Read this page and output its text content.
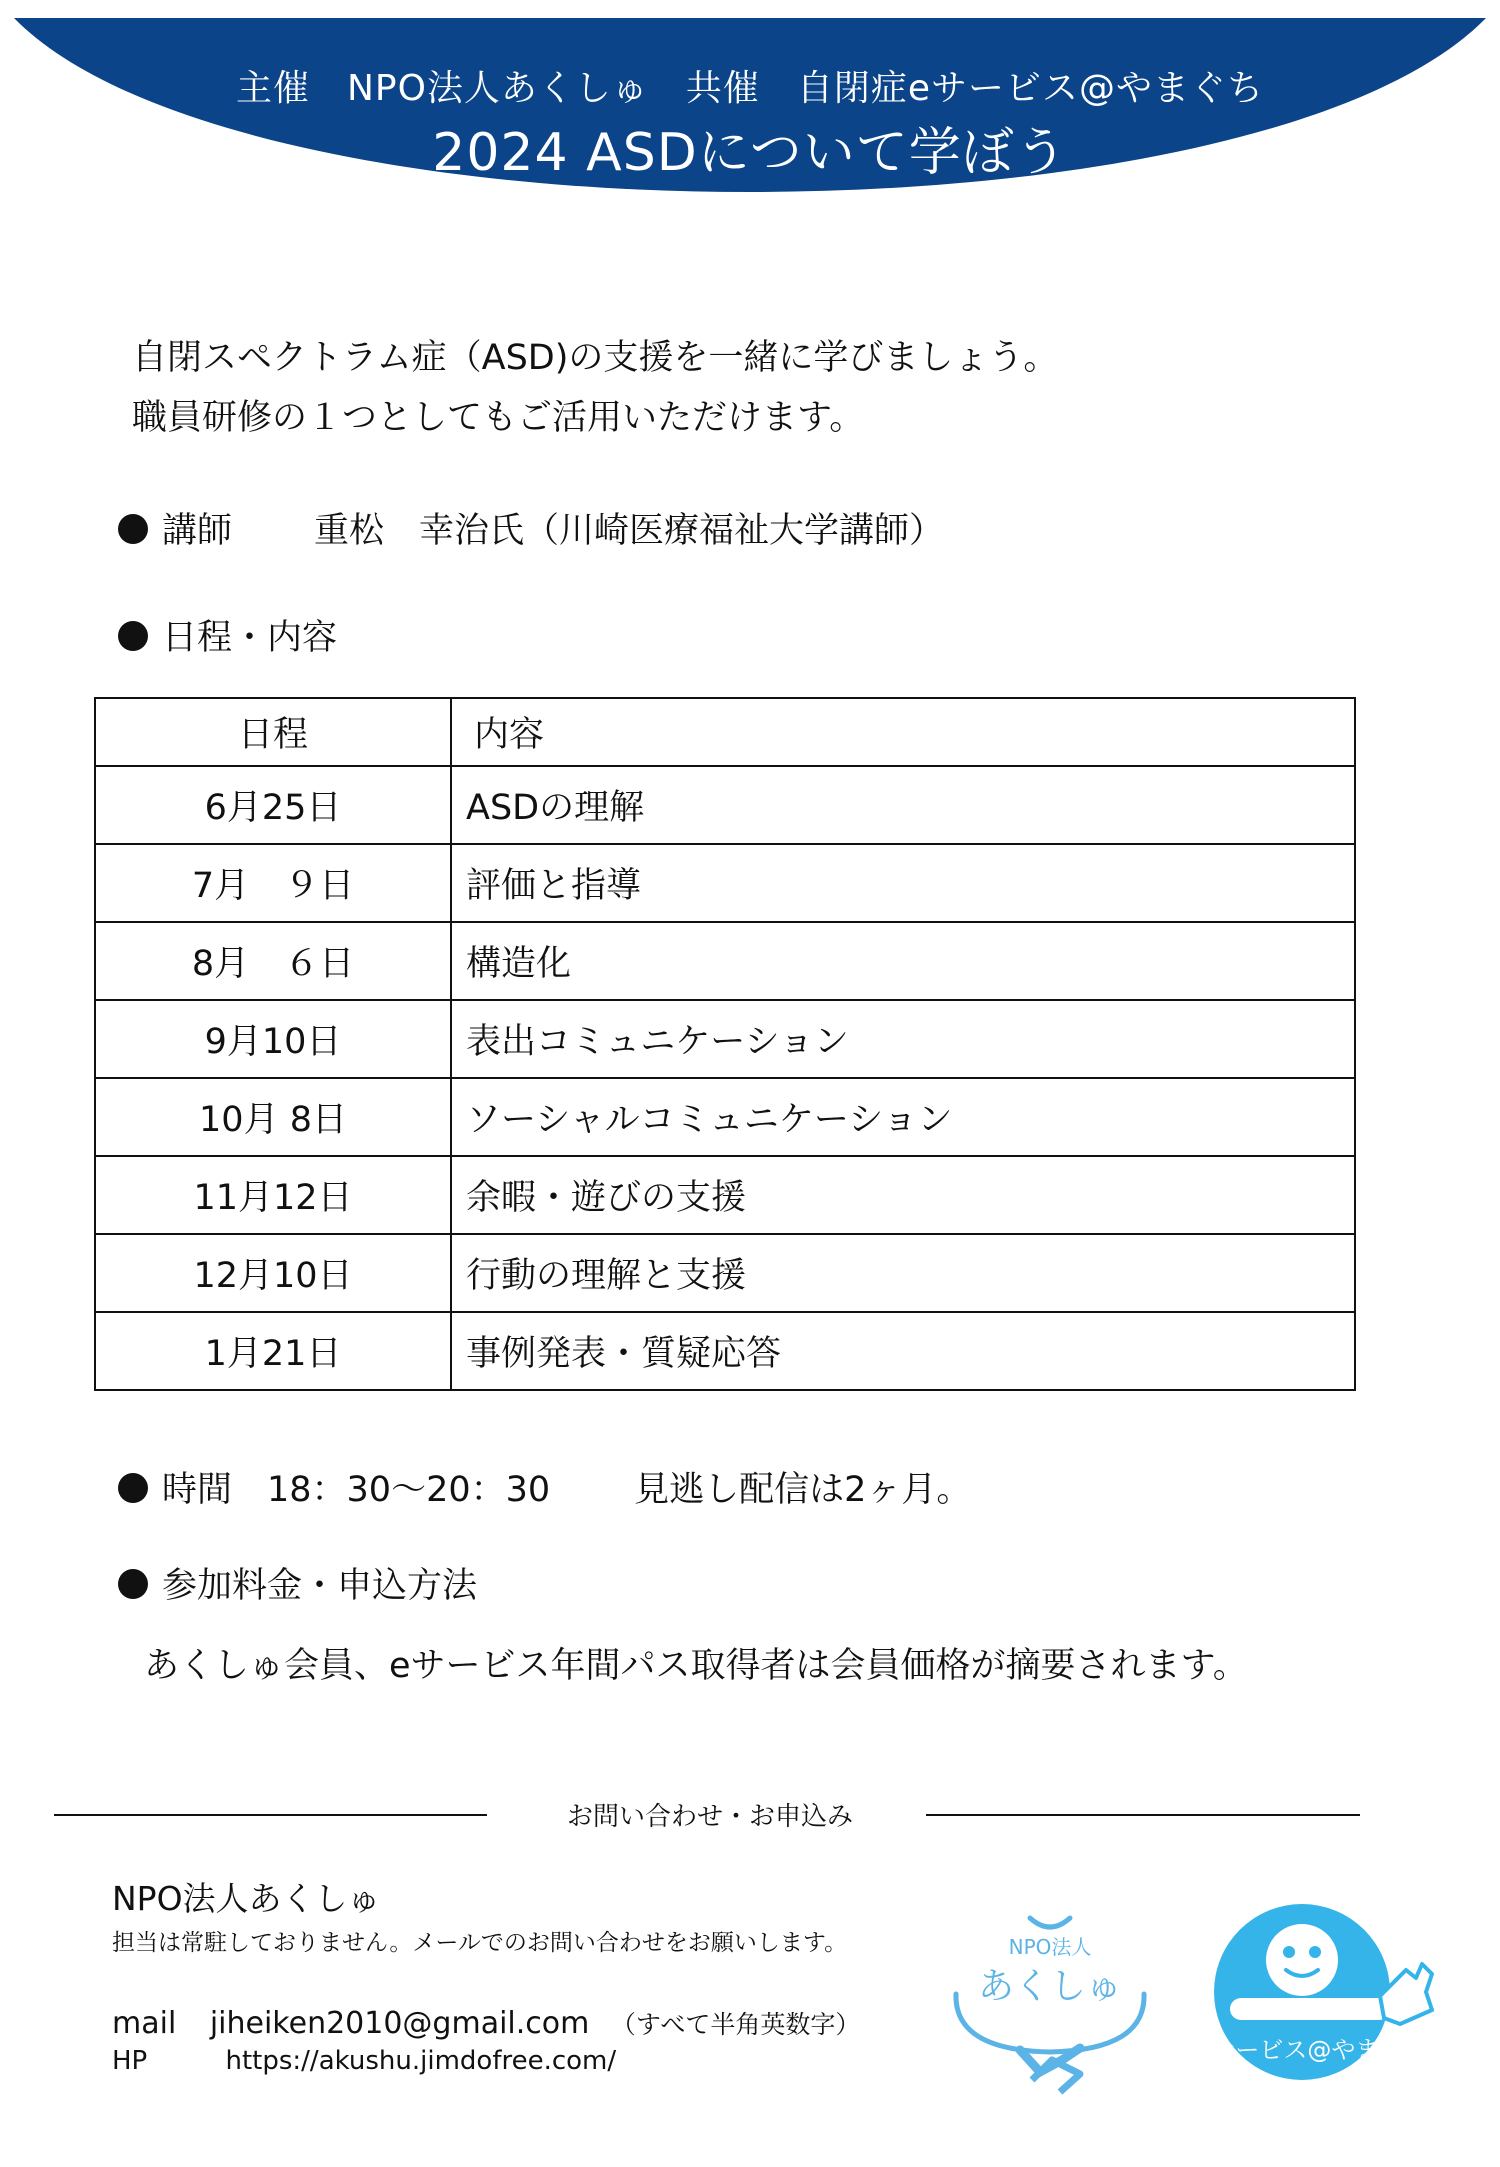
主催　NPO法人あくしゅ　共催　自閉症eサービス@やまぐち
2024 ASDについて学ぼう
自閉スペクトラム症（ASD)の支援を一緒に学びましょう。
職員研修の１つとしてもご活用いただけます。
講師 重松　幸治氏（川崎医療福祉大学講師）
日程・内容
日程	内容
6月25日	ASDの理解
7月　９日	評価と指導
8月　６日	構造化
9月10日	表出コミュニケーション
10月 8日	ソーシャルコミュニケーション
11月12日	余暇・遊びの支援
12月10日	行動の理解と支援
1月21日	事例発表・質疑応答
時間　18：30〜20：30 見逃し配信は2ヶ月。
参加料金・申込方法
あくしゅ会員、eサービス年間パス取得者は会員価格が摘要されます。
お問い合わせ・お申込み
NPO法人あくしゅ
担当は常駐しておりません。メールでのお問い合わせをお願いします。
mail jiheiken2010@gmail.com （すべて半角英数字）
HP	https://akushu.jimdofree.com/
NPO法人
あくしゅ
eサービス@やまぐち
